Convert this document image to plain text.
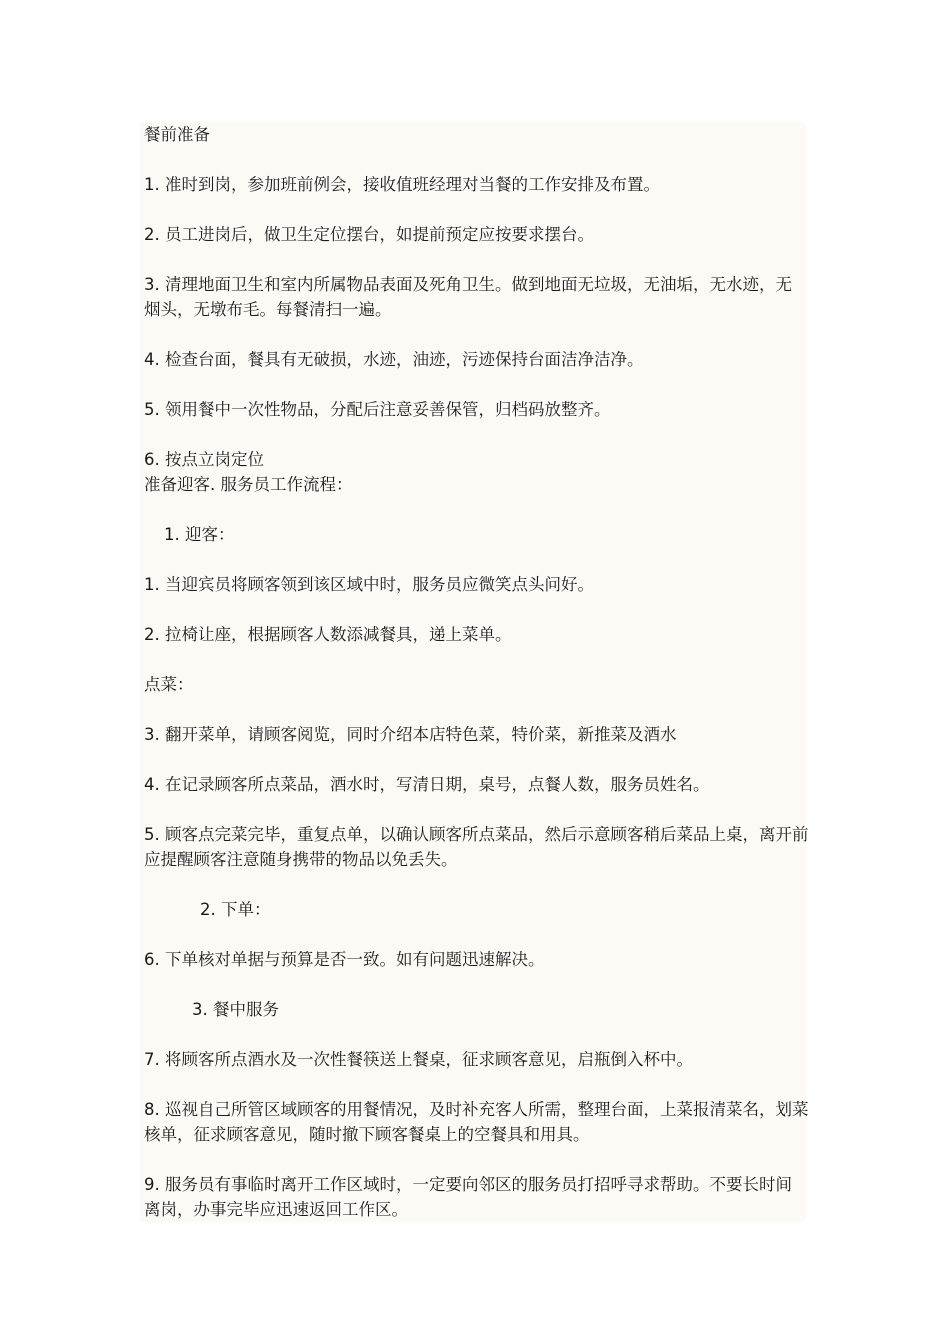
餐前准备

1. 准时到岗，参加班前例会，接收值班经理对当餐的工作安排及布置。

2. 员工进岗后，做卫生定位摆台，如提前预定应按要求摆台。

3. 清理地面卫生和室内所属物品表面及死角卫生。做到地面无垃圾，无油垢，无水迹，无 烟头，无墩布毛。每餐清扫一遍。

4. 检查台面，餐具有无破损，水迹，油迹，污迹保持台面洁净洁净。

5. 领用餐中一次性物品，分配后注意妥善保管，归档码放整齐。

6. 按点立岗定位

准备迎客. 服务员工作流程：

1. 迎客：

1. 当迎宾员将顾客领到该区域中时，服务员应微笑点头问好。

2. 拉椅让座，根据顾客人数添减餐具，递上菜单。

点菜：

3. 翻开菜单，请顾客阅览，同时介绍本店特色菜，特价菜，新推菜及酒水

4. 在记录顾客所点菜品，酒水时，写清日期，桌号，点餐人数，服务员姓名。

5. 顾客点完菜完毕，重复点单，以确认顾客所点菜品，然后示意顾客稍后菜品上桌，离开前 应提醒顾客注意随身携带的物品以免丢失。

2. 下单：

6. 下单核对单据与预算是否一致。如有问题迅速解决。

3. 餐中服务

7. 将顾客所点酒水及一次性餐筷送上餐桌，征求顾客意见，启瓶倒入杯中。

8. 巡视自己所管区域顾客的用餐情况，及时补充客人所需，整理台面，上菜报清菜名，划菜 核单，征求顾客意见，随时撤下顾客餐桌上的空餐具和用具。

9. 服务员有事临时离开工作区域时，一定要向邻区的服务员打招呼寻求帮助。不要长时间 离岗，办事完毕应迅速返回工作区。
